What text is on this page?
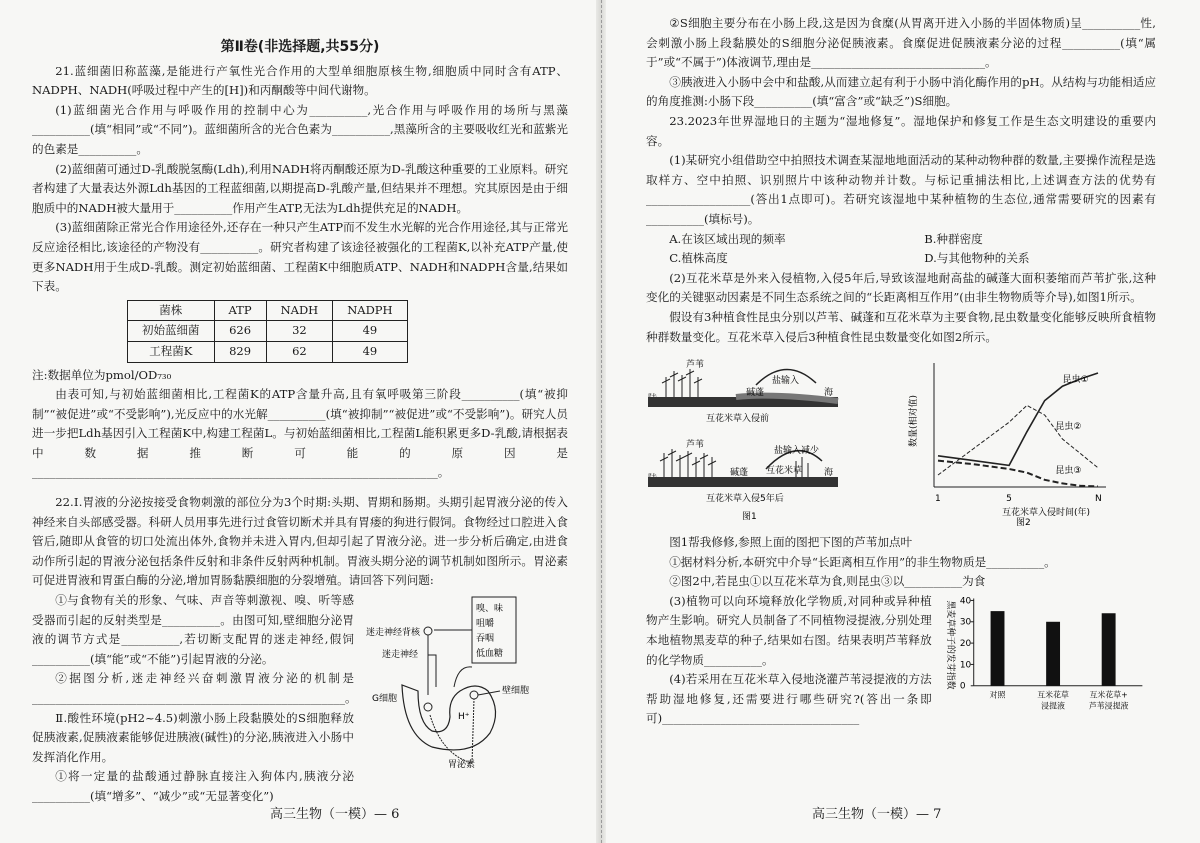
第Ⅱ卷(非选择题,共55分)

21.蓝细菌旧称蓝藻,是能进行产氧性光合作用的大型单细胞原核生物,细胞质中同时含有ATP、NADPH、NADH(呼吸过程中产生的[H])和丙酮酸等中间代谢物。

(1)蓝细菌光合作用与呼吸作用的控制中心为__________,光合作用与呼吸作用的场所与黑藻__________(填“相同”或“不同”)。蓝细菌所含的光合色素为__________,黑藻所含的主要吸收红光和蓝紫光的色素是__________。

(2)蓝细菌可通过D-乳酸脱氢酶(Ldh),利用NADH将丙酮酸还原为D-乳酸这种重要的工业原料。研究者构建了大量表达外源Ldh基因的工程蓝细菌,以期提高D-乳酸产量,但结果并不理想。究其原因是由于细胞质中的NADH被大量用于__________作用产生ATP,无法为Ldh提供充足的NADH。

(3)蓝细菌除正常光合作用途径外,还存在一种只产生ATP而不发生水光解的光合作用途径,其与正常光反应途径相比,该途径的产物没有__________。研究者构建了该途径被强化的工程菌K,以补充ATP产量,使更多NADH用于生成D-乳酸。测定初始蓝细菌、工程菌K中细胞质ATP、NADH和NADPH含量,结果如下表。

菌株	ATP	NADH	NADPH
初始蓝细菌	626	32	49
工程菌K	829	62	49

注:数据单位为pmol/OD₇₃₀

由表可知,与初始蓝细菌相比,工程菌K的ATP含量升高,且有氧呼吸第三阶段__________(填“被抑制”“被促进”或“不受影响”),光反应中的水光解__________(填“被抑制”“被促进”或“不受影响”)。研究人员进一步把Ldh基因引入工程菌K中,构建工程菌L。与初始蓝细菌相比,工程菌L能积累更多D-乳酸,请根据表中数据推断可能的原因是______________________________________________________________________。

22.Ⅰ.胃液的分泌按接受食物刺激的部位分为3个时期:头期、胃期和肠期。头期引起胃液分泌的传入神经来自头部感受器。科研人员用事先进行过食管切断术并具有胃瘘的狗进行假饲。食物经过口腔进入食管后,随即从食管的切口处流出体外,食物并未进入胃内,但却引起了胃液分泌。进一步分析后确定,由进食动作所引起的胃液分泌包括条件反射和非条件反射两种机制。胃液头期分泌的调节机制如图所示。胃泌素可促进胃液和胃蛋白酶的分泌,增加胃肠黏膜细胞的分裂增殖。请回答下列问题:

①与食物有关的形象、气味、声音等刺激视、嗅、听等感受器而引起的反射类型是__________。由图可知,壁细胞分泌胃液的调节方式是__________,若切断支配胃的迷走神经,假饲__________(填“能”或“不能”)引起胃液的分泌。

②据图分析,迷走神经兴奋刺激胃液分泌的机制是______________________________________________________。

Ⅱ.酸性环境(pH2~4.5)刺激小肠上段黏膜处的S细胞释放促胰液素,促胰液素能够促进胰液(碱性)的分泌,胰液进入小肠中发挥消化作用。

①将一定量的盐酸通过静脉直接注入狗体内,胰液分泌__________(填“增多”、“减少”或“无显著变化”)

嗅、味
咀嚼
吞咽
低血糖
迷走神经背核
迷走神经
G细胞
壁细胞
H⁺
胃泌素
高三生物（一模）— 6

②S细胞主要分布在小肠上段,这是因为食糜(从胃离开进入小肠的半固体物质)呈__________性,会刺激小肠上段黏膜处的S细胞分泌促胰液素。食糜促进促胰液素分泌的过程__________(填“属于”或“不属于”)体液调节,理由是______________________________。

③胰液进入小肠中会中和盐酸,从而建立起有利于小肠中消化酶作用的pH。从结构与功能相适应的角度推测:小肠下段__________(填“富含”或“缺乏”)S细胞。

23.2023年世界湿地日的主题为“湿地修复”。湿地保护和修复工作是生态文明建设的重要内容。

(1)某研究小组借助空中拍照技术调查某湿地地面活动的某种动物种群的数量,主要操作流程是选取样方、空中拍照、识别照片中该种动物并计数。与标记重捕法相比,上述调查方法的优势有__________________(答出1点即可)。若研究该湿地中某种植物的生态位,通常需要研究的因素有__________(填标号)。

A.在该区域出现的频率	B.种群密度
C.植株高度	D.与其他物种的关系

(2)互花米草是外来入侵植物,入侵5年后,导致该湿地耐高盐的碱蓬大面积萎缩而芦苇扩张,这种变化的关键驱动因素是不同生态系统之间的“长距离相互作用”(由非生物物质等介导),如图1所示。

假设有3种植食性昆虫分别以芦苇、碱蓬和互花米草为主要食物,昆虫数量变化能够反映所食植物种群数量变化。互花米草入侵后3种植食性昆虫数量变化如图2所示。

芦苇
碱蓬
盐输入
海
互花米草入侵前
芦苇
盐输入减少
互花米草
碱蓬	海
互花米草入侵5年后
图1
数量(相对值)
互花米草入侵时间(年)
图2
昆虫①
昆虫②
昆虫③
1	5	N

图1帮我修修,参照上面的图把下图的芦苇加点叶

①据材料分析,本研究中介导“长距离相互作用”的非生物物质是__________。

②图2中,若昆虫①以互花米草为食,则昆虫③以__________为食

(3)植物可以向环境释放化学物质,对同种或异种植物产生影响。研究人员制备了不同植物浸提液,分别处理本地植物黑麦草的种子,结果如右图。结果表明芦苇释放的化学物质__________。

(4)若采用在互花米草入侵地浇灌芦苇浸提液的方法帮助湿地修复,还需要进行哪些研究?(答出一条即可)__________________________________

黑麦草种子的发芽指数 0
10
20
30
40
对照	互米花草
浸提液
互米花草+
芦苇浸提液
高三生物（一模）— 7
